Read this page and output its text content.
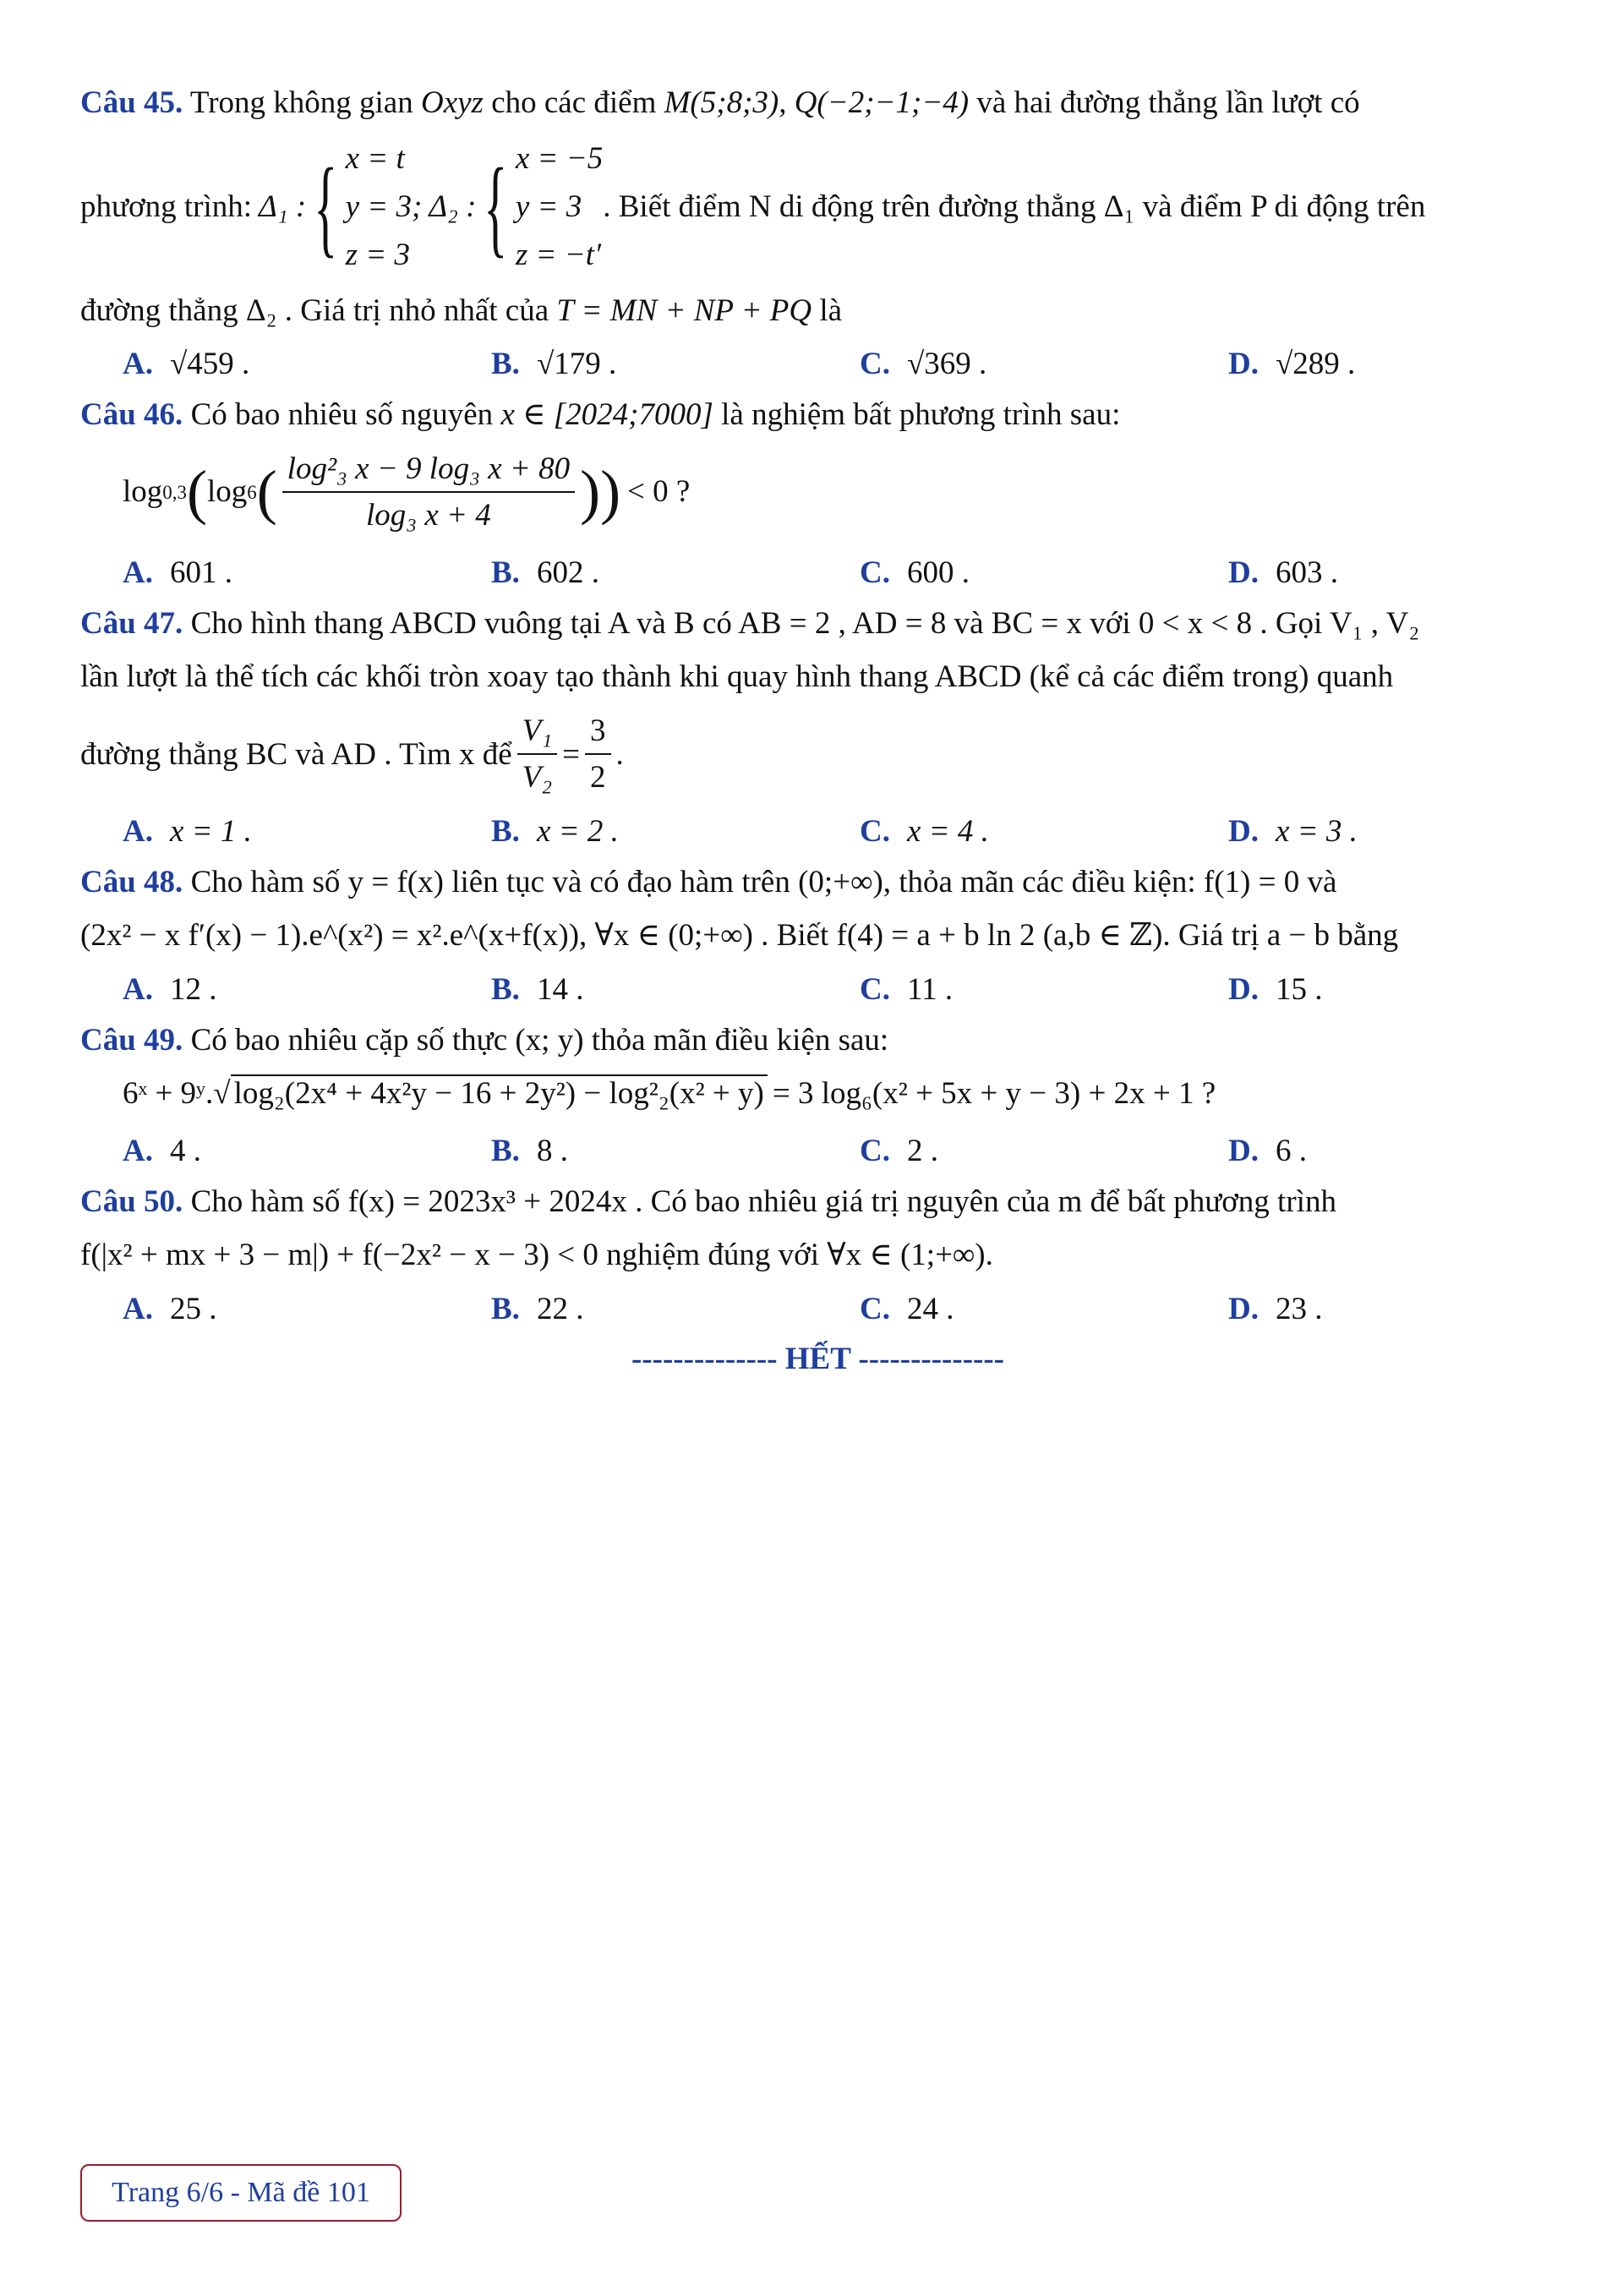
Câu 45. Trong không gian Oxyz cho các điểm M(5;8;3), Q(−2;−1;−4) và hai đường thẳng lần lượt có

phương trình: Δ₁ : { x = t
y = 3;
z = 3
Δ₂ : { x = −5
y = 3
z = −t′
. Biết điểm N di động trên đường thẳng Δ₁ và điểm P di động trên

đường thẳng Δ₂ . Giá trị nhỏ nhất của T = MN + NP + PQ là

A. √459 .	B. √179 .	C. √369 .	D. √289 .

Câu 46. Có bao nhiêu số nguyên x ∈ [2024;7000] là nghiệm bất phương trình sau:

log 0,3 ( log 6 ( $\frac{\text{log²₃ x − 9 log₃ x + 80}}{\text{log₃ x + 4}}$ )) < 0 ?
A. 601 .	B. 602 .	C. 600 .	D. 603 .

Câu 47. Cho hình thang ABCD vuông tại A và B có AB = 2 , AD = 8 và BC = x với 0 < x < 8 . Gọi V₁ , V₂

lần lượt là thể tích các khối tròn xoay tạo thành khi quay hình thang ABCD (kể cả các điểm trong) quanh

đường thẳng BC và AD . Tìm x để $\frac{\text{V₁}}{\text{V₂}} = \frac{3}{2}$ .

A. x = 1 .	B. x = 2 .	C. x = 4 .	D. x = 3 .

Câu 48. Cho hàm số y = f(x) liên tục và có đạo hàm trên (0;+∞), thỏa mãn các điều kiện: f(1) = 0 và

(2x² − x f′(x) − 1).e^(x²) = x².e^(x+f(x)), ∀x ∈ (0;+∞) . Biết f(4) = a + b ln 2 (a,b ∈ ℤ). Giá trị a − b bằng

A. 12 .	B. 14 .	C. 11 .	D. 15 .

Câu 49. Có bao nhiêu cặp số thực (x; y) thỏa mãn điều kiện sau:

6ˣ + 9ʸ.√ log₂(2x⁴ + 4x²y − 16 + 2y²) − log²₂(x² + y) = 3 log₆(x² + 5x + y − 3) + 2x + 1 ?
A. 4 .	B. 8 .	C. 2 .	D. 6 .

Câu 50. Cho hàm số f(x) = 2023x³ + 2024x . Có bao nhiêu giá trị nguyên của m để bất phương trình

f(|x² + mx + 3 − m|) + f(−2x² − x − 3) < 0 nghiệm đúng với ∀x ∈ (1;+∞).

A. 25 .	B. 22 .	C. 24 .	D. 23 .
-------------- HẾT --------------
Trang 6/6 - Mã đề 101
